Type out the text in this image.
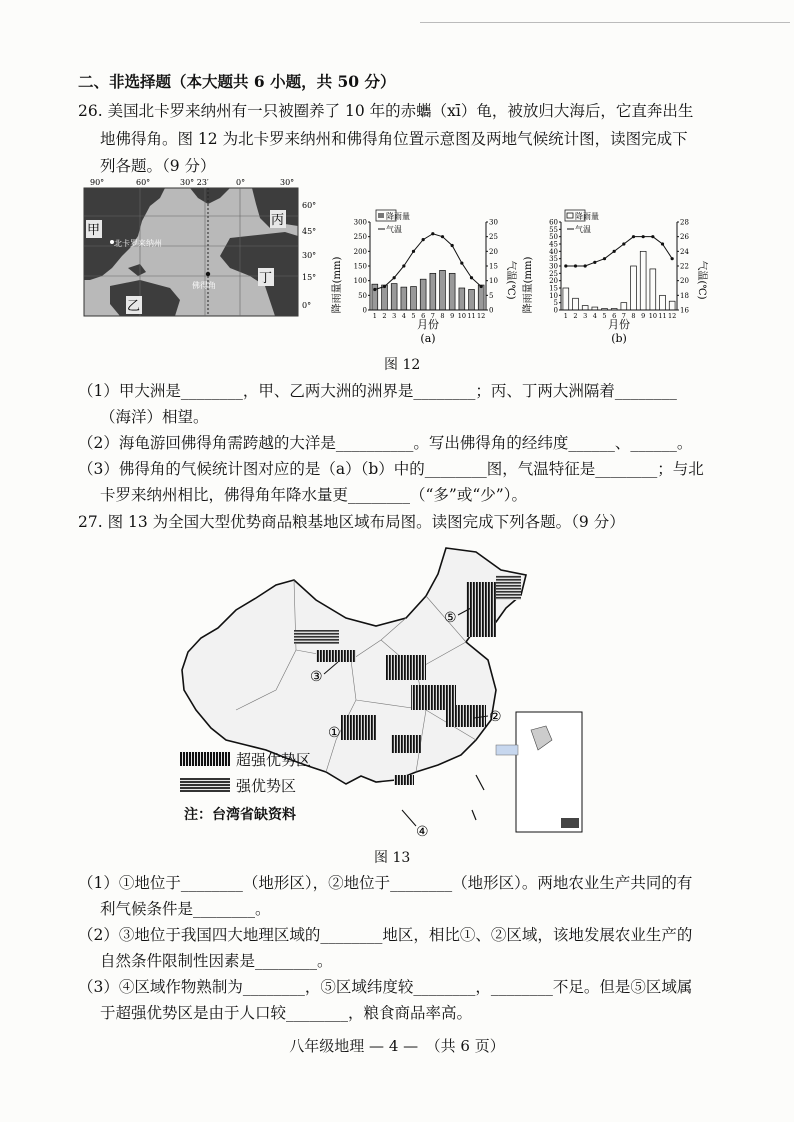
二、非选择题（本大题共 6 小题，共 50 分）
26. 美国北卡罗来纳州有一只被圈养了 10 年的赤蠵（xī）龟，被放归大海后，它直奔出生
地佛得角。图 12 为北卡罗来纳州和佛得角位置示意图及两地气候统计图，读图完成下
列各题。（9 分）
90°	60°	30° 23′	0°	30°
60°
45°
30°
15°
0°
甲
乙
丙
丁
北卡罗来纳州
佛得角
降雨量
气温
0
50
100
150
200
250
300
0
5
10
15
20
25
30
1 2 3 4 5 6 7 8 9 10 11 12
降雨量(mm)	气温(℃)
月份
(a)
降雨量
气温
0
5
10
15
20
25
30
35
40
45
50
55
60
16
18
20
22
24
26
28
1 2 3 4 5 6 7 8 9 10 11 12
降雨量(mm)	气温(℃)
月份
(b)
图 12
（1）甲大洲是________，甲、乙两大洲的洲界是________；丙、丁两大洲隔着________
（海洋）相望。
（2）海龟游回佛得角需跨越的大洋是__________。写出佛得角的经纬度______、______。
（3）佛得角的气候统计图对应的是（a）（b）中的________图，气温特征是________；与北
卡罗来纳州相比，佛得角年降水量更________（“多”或“少”）。
27. 图 13 为全国大型优势商品粮基地区域布局图。读图完成下列各题。（9 分）
③
⑤
①
②
④
超强优势区
强优势区
注：台湾省缺资料
图 13
（1）①地位于________（地形区），②地位于________（地形区）。两地农业生产共同的有
利气候条件是________。
（2）③地位于我国四大地理区域的________地区，相比①、②区域，该地发展农业生产的
自然条件限制性因素是________。
（3）④区域作物熟制为________，⑤区域纬度较________，________不足。但是⑤区域属
于超强优势区是由于人口较________，粮食商品率高。
八年级地理 — 4 —　（共 6 页）
